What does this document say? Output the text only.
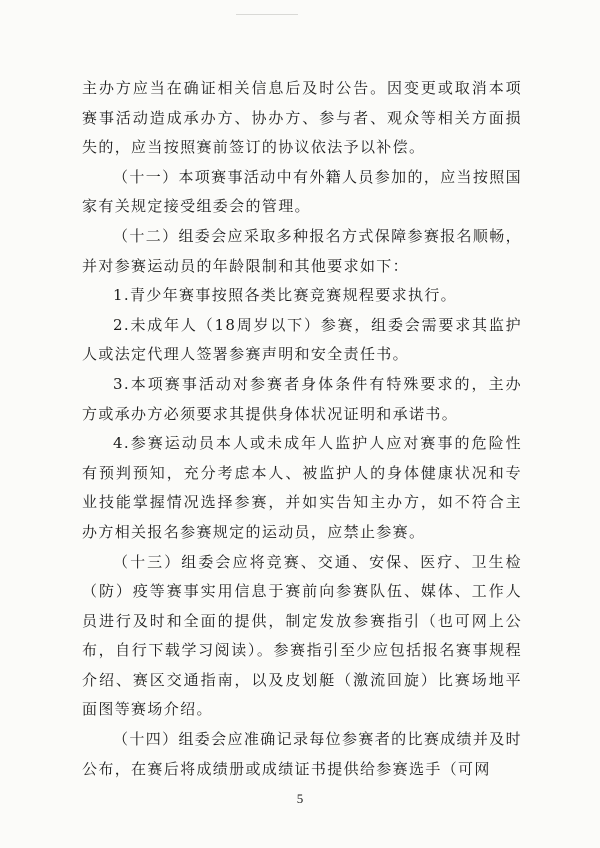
主办方应当在确证相关信息后及时公告。因变更或取消本项赛事活动造成承办方、协办方、参与者、观众等相关方面损失的，应当按照赛前签订的协议依法予以补偿。

（十一）本项赛事活动中有外籍人员参加的，应当按照国家有关规定接受组委会的管理。

（十二）组委会应采取多种报名方式保障参赛报名顺畅，并对参赛运动员的年龄限制和其他要求如下：

1.青少年赛事按照各类比赛竞赛规程要求执行。

2.未成年人（18周岁以下）参赛，组委会需要求其监护人或法定代理人签署参赛声明和安全责任书。

3.本项赛事活动对参赛者身体条件有特殊要求的，主办方或承办方必须要求其提供身体状况证明和承诺书。

4.参赛运动员本人或未成年人监护人应对赛事的危险性有预判预知，充分考虑本人、被监护人的身体健康状况和专业技能掌握情况选择参赛，并如实告知主办方，如不符合主办方相关报名参赛规定的运动员，应禁止参赛。

（十三）组委会应将竞赛、交通、安保、医疗、卫生检（防）疫等赛事实用信息于赛前向参赛队伍、媒体、工作人员进行及时和全面的提供，制定发放参赛指引（也可网上公布，自行下载学习阅读）。参赛指引至少应包括报名赛事规程介绍、赛区交通指南，以及皮划艇（激流回旋）比赛场地平面图等赛场介绍。

（十四）组委会应准确记录每位参赛者的比赛成绩并及时公布，在赛后将成绩册或成绩证书提供给参赛选手（可网

5
